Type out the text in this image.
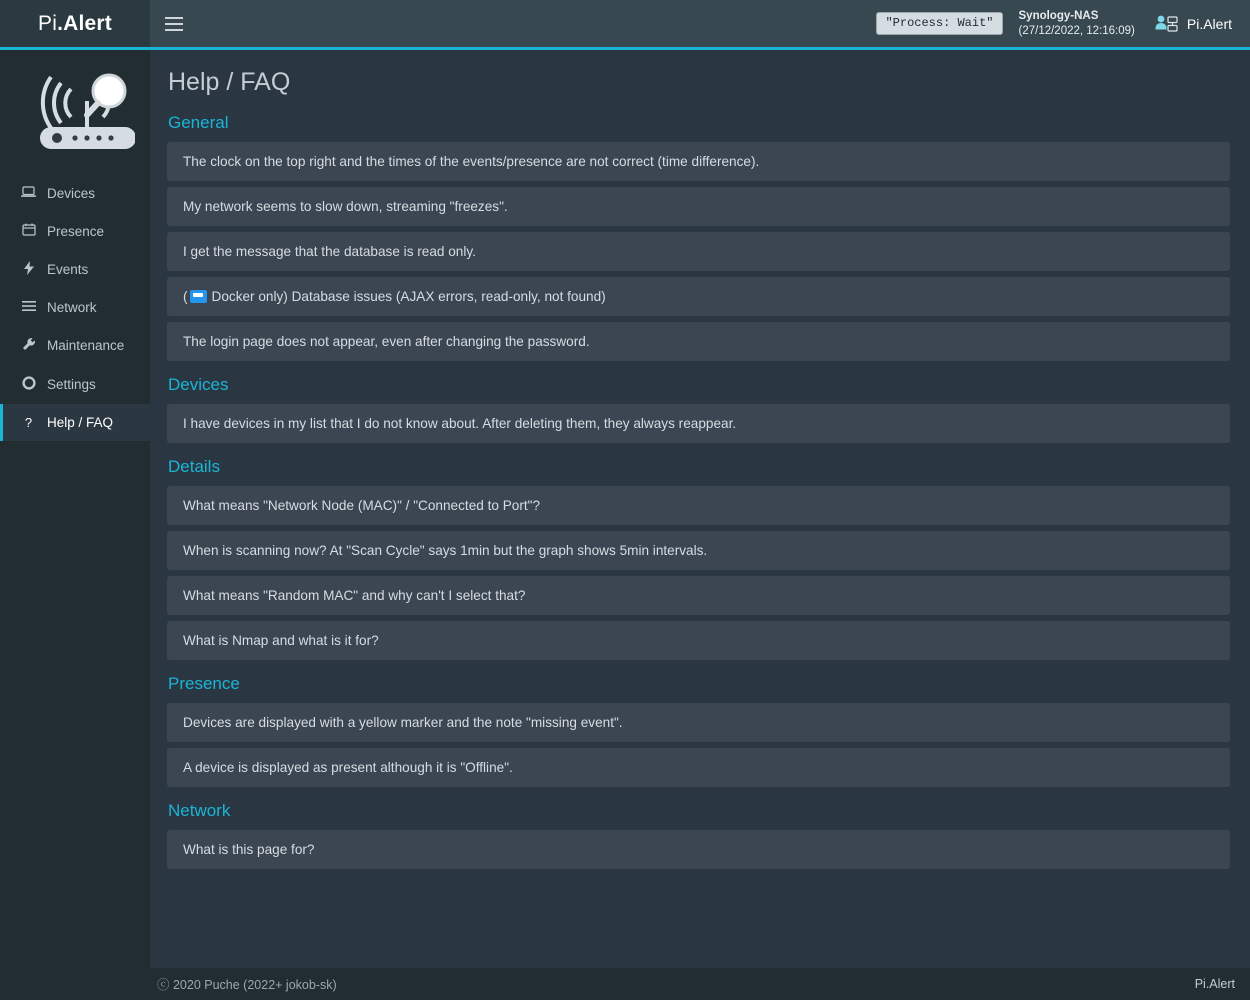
Pi .Alert	"Process: Wait"
Synology-NAS
(27/12/2022, 12:16:09)	Pi.Alert
Devices
Presence
Events
Network
Maintenance
Settings
? Help / FAQ
Help / FAQ
General
The clock on the top right and the times of the events/presence are not correct (time difference).
My network seems to slow down, streaming "freezes".
I get the message that the database is read only.
( Docker only) Database issues (AJAX errors, read-only, not found)
The login page does not appear, even after changing the password.
Devices
I have devices in my list that I do not know about. After deleting them, they always reappear.
Details
What means "Network Node (MAC)" / "Connected to Port"?
When is scanning now? At "Scan Cycle" says 1min but the graph shows 5min intervals.
What means "Random MAC" and why can't I select that?
What is Nmap and what is it for?
Presence
Devices are displayed with a yellow marker and the note "missing event".
A device is displayed as present although it is "Offline".
Network
What is this page for?
ⓒ 2020 Puche (2022+ jokob-sk)	Pi.Alert
